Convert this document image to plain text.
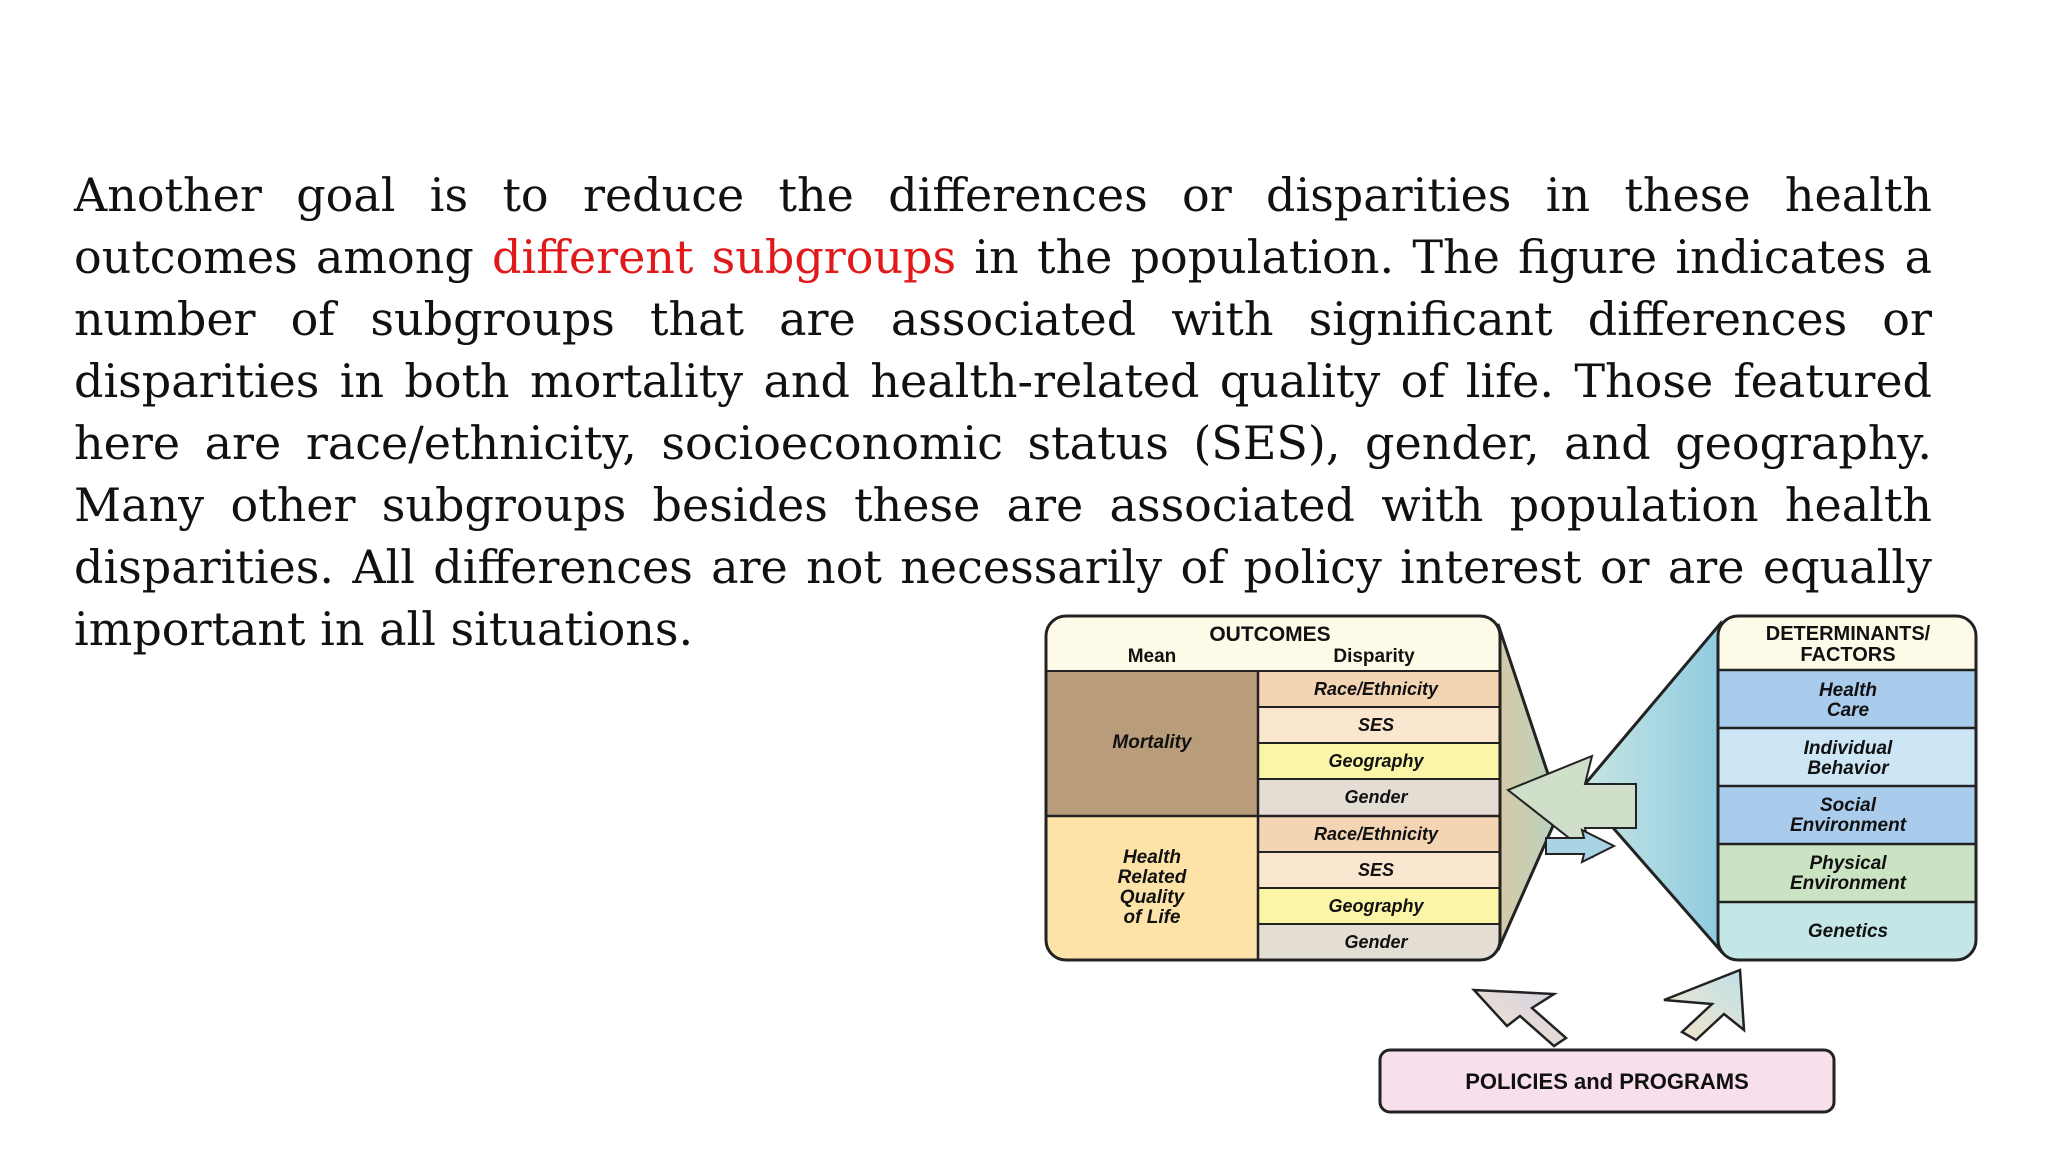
Another goal is to reduce the differences or disparities in these health outcomes among different subgroups in the population. The figure indicates a number of subgroups that are associated with significant differences or disparities in both mortality and health-related quality of life. Those featured here are race/ethnicity, socioeconomic status (SES), gender, and geography. Many other subgroups besides these are associated with population health disparities. All differences are not necessarily of policy interest or are equally important in all situations.	OUTCOMES
Mean	Disparity
Mortality
Health
Related
Quality
of Life
Race/Ethnicity
SES
Geography
Gender
Race/Ethnicity
SES
Geography
Gender
DETERMINANTS/
FACTORS
Health
Care
Individual
Behavior
Social
Environment
Physical
Environment
Genetics
POLICIES and PROGRAMS
